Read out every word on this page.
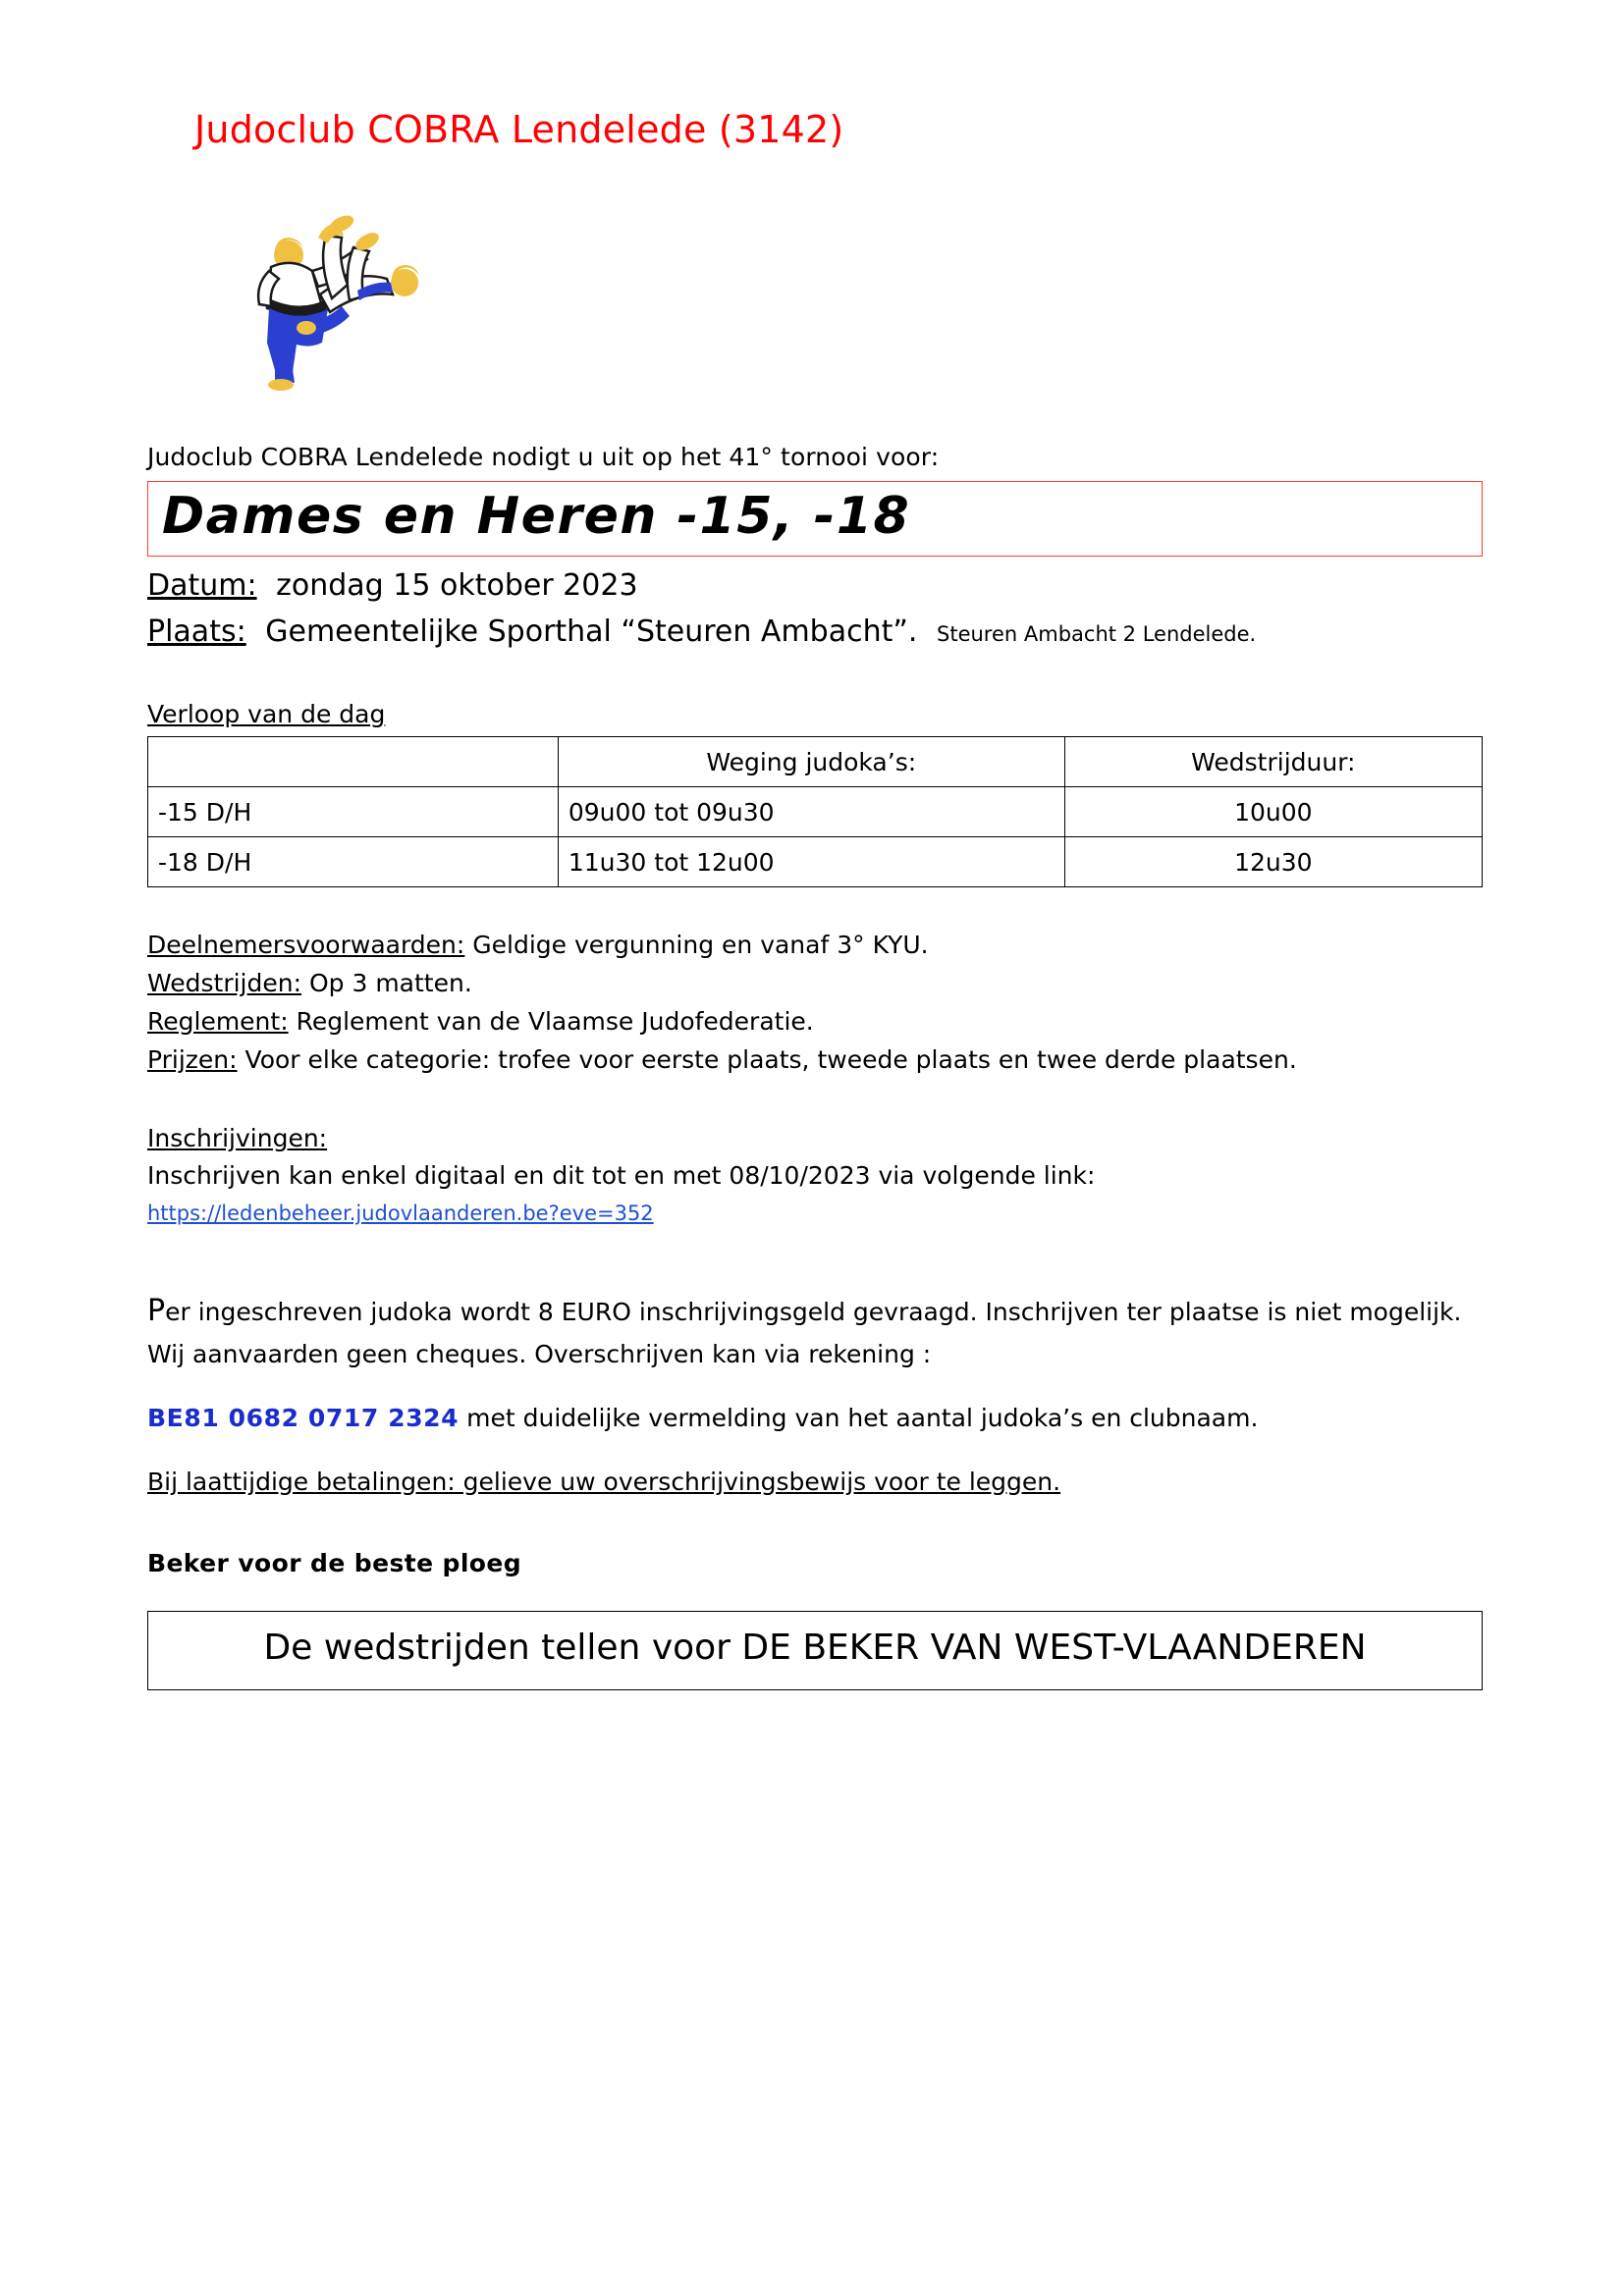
Judoclub COBRA Lendelede (3142)
Judoclub COBRA Lendelede nodigt u uit op het 41° tornooi voor:
Dames en Heren -15, -18
Datum: zondag 15 oktober 2023
Plaats: Gemeentelijke Sporthal “Steuren Ambacht”. Steuren Ambacht 2 Lendelede.
Verloop van de dag
	Weging judoka’s:	Wedstrijduur:
-15 D/H	09u00 tot 09u30	10u00
-18 D/H	11u30 tot 12u00	12u30

Deelnemersvoorwaarden: Geldige vergunning en vanaf 3° KYU.

Wedstrijden: Op 3 matten.

Reglement: Reglement van de Vlaamse Judofederatie.

Prijzen: Voor elke categorie: trofee voor eerste plaats, tweede plaats en twee derde plaatsen.

Inschrijvingen:

Inschrijven kan enkel digitaal en dit tot en met 08/10/2023 via volgende link:

https://ledenbeheer.judovlaanderen.be?eve=352

Per ingeschreven judoka wordt 8 EURO inschrijvingsgeld gevraagd. Inschrijven ter plaatse is niet mogelijk. Wij aanvaarden geen cheques. Overschrijven kan via rekening :

BE81 0682 0717 2324 met duidelijke vermelding van het aantal judoka’s en clubnaam.

Bij laattijdige betalingen: gelieve uw overschrijvingsbewijs voor te leggen.

Beker voor de beste ploeg
De wedstrijden tellen voor DE BEKER VAN WEST-VLAANDEREN
